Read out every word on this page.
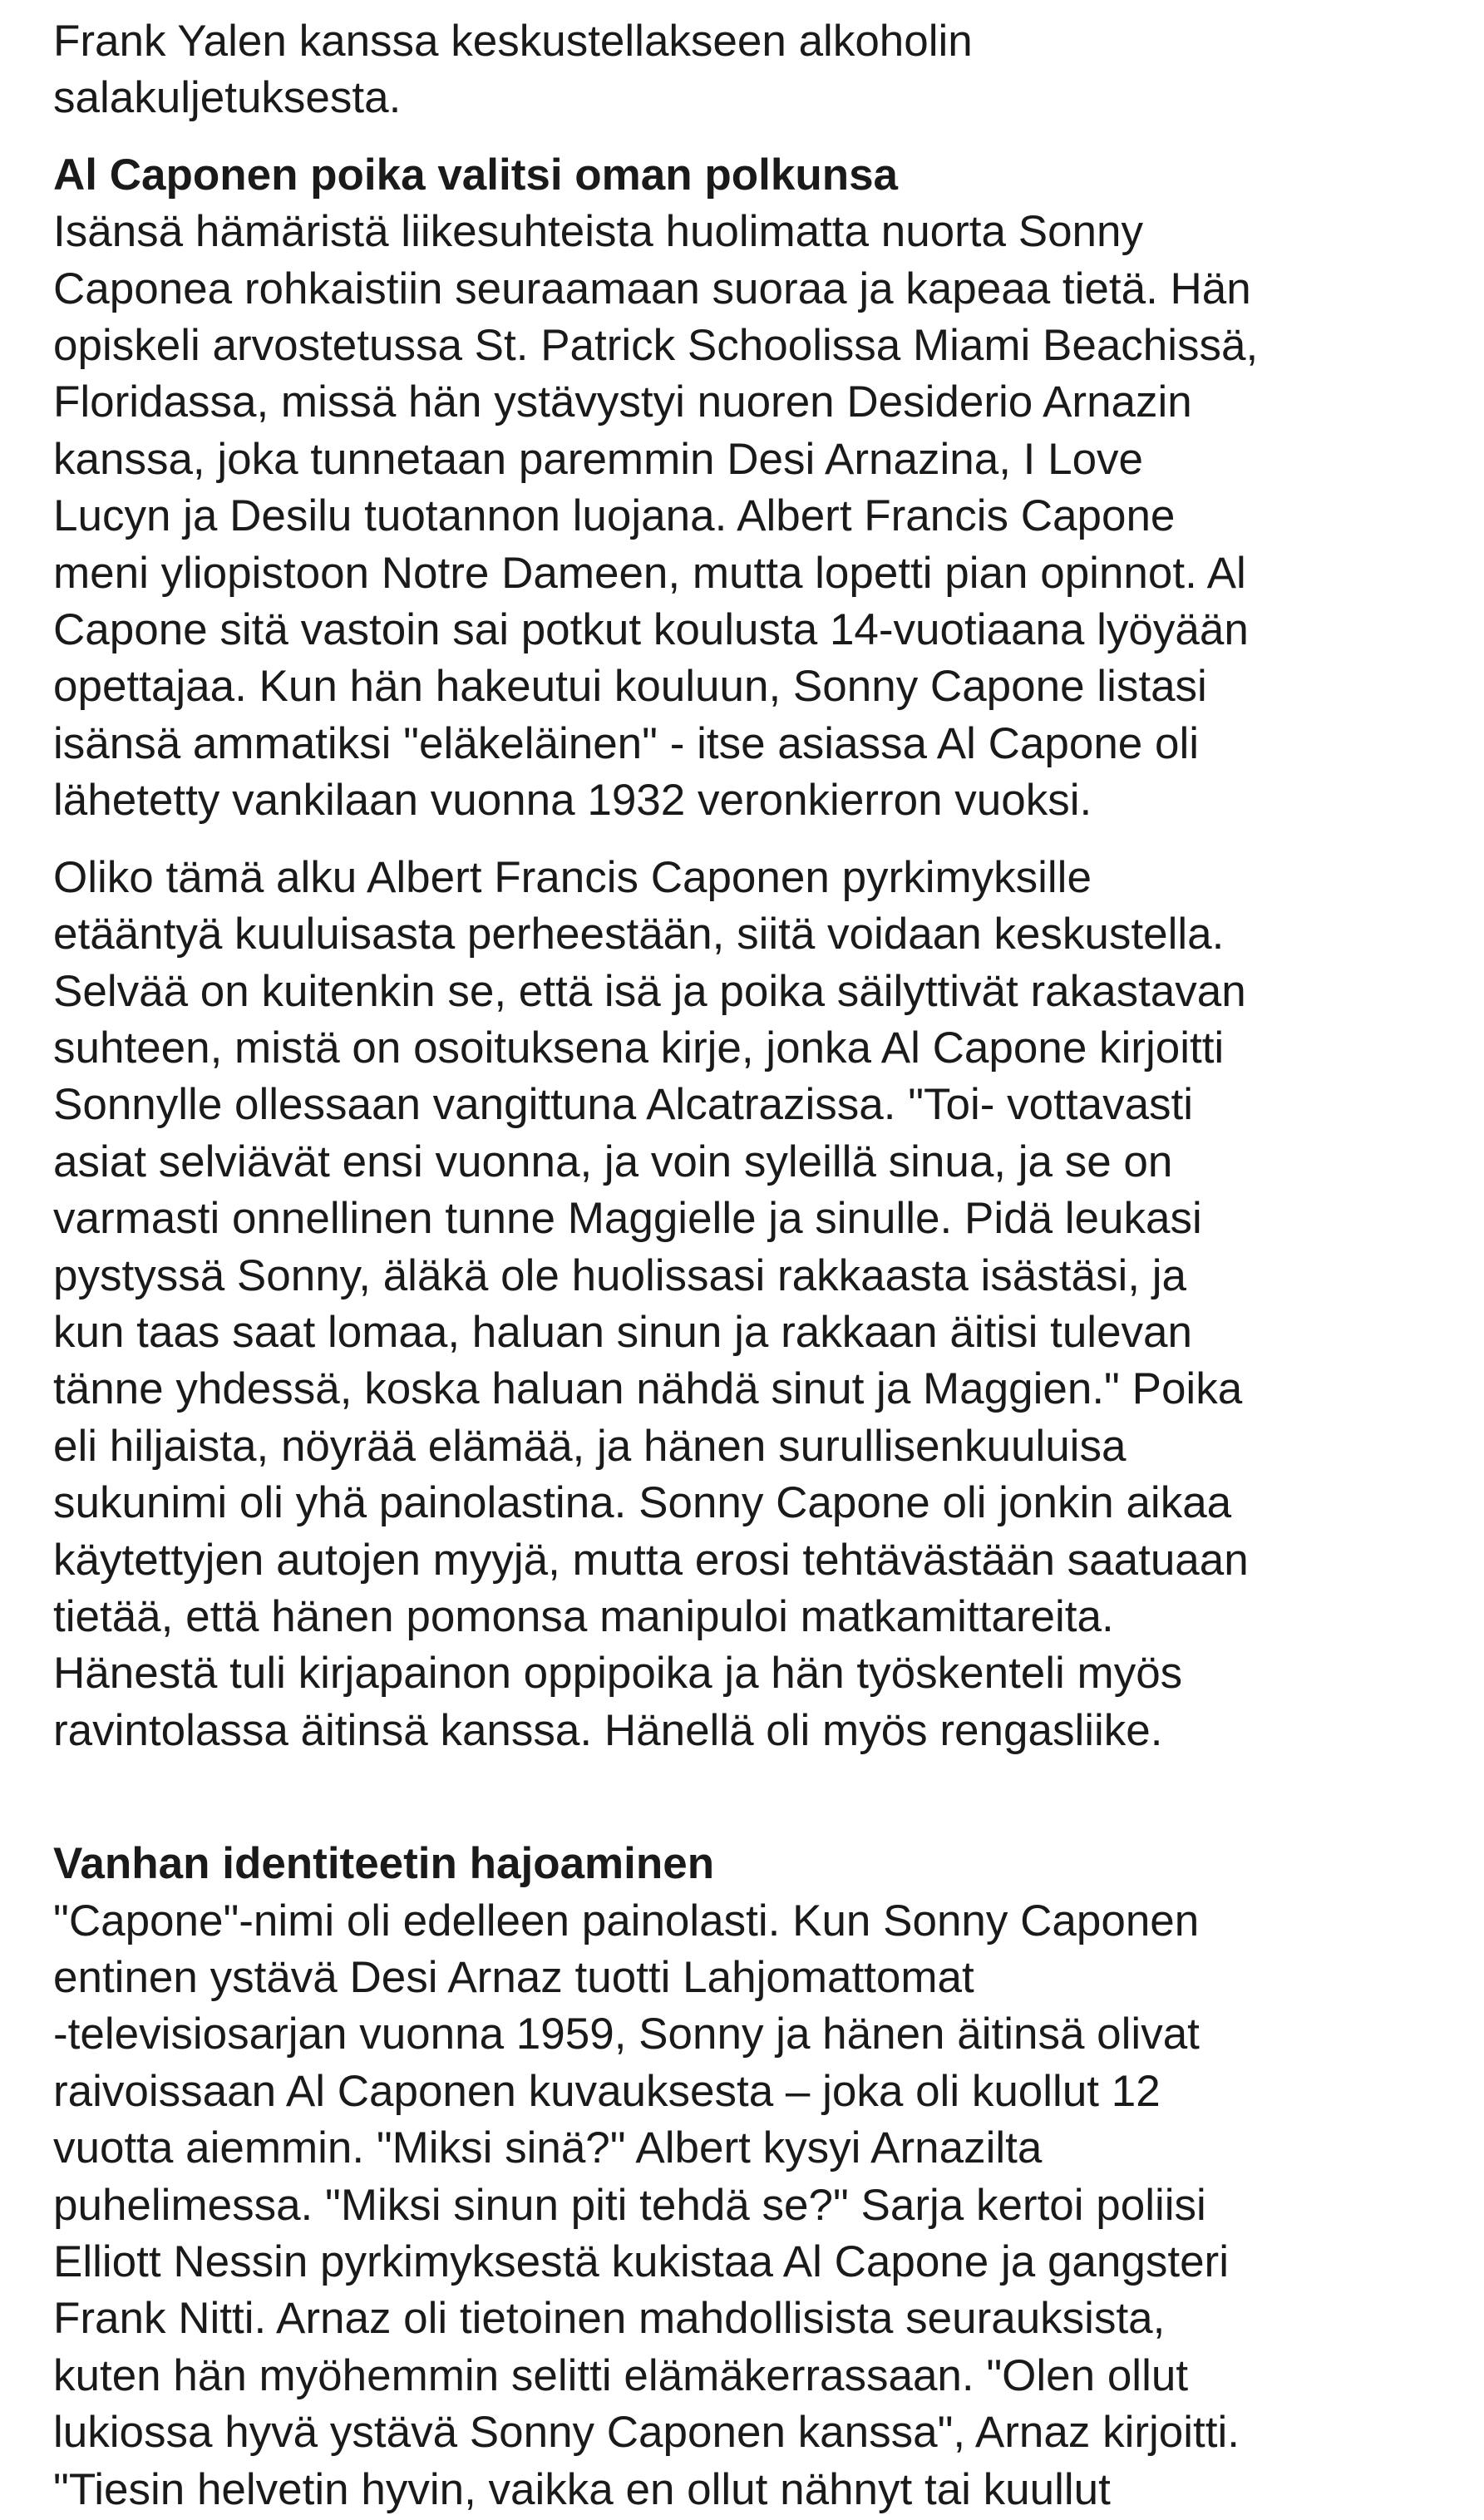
Frank Yalen kanssa keskustellakseen alkoholin
salakuljetuksesta.

Al Caponen poika valitsi oman polkunsa

Isänsä hämäristä liikesuhteista huolimatta nuorta Sonny
Caponea rohkaistiin seuraamaan suoraa ja kapeaa tietä. Hän
opiskeli arvostetussa St. Patrick Schoolissa Miami Beachissä,
Floridassa, missä hän ystävystyi nuoren Desiderio Arnazin
kanssa, joka tunnetaan paremmin Desi Arnazina, I Love
Lucyn ja Desilu tuotannon luojana. Albert Francis Capone
meni yliopistoon Notre Dameen, mutta lopetti pian opinnot. Al
Capone sitä vastoin sai potkut koulusta 14-vuotiaana lyöyään
opettajaa. Kun hän hakeutui kouluun, Sonny Capone listasi
isänsä ammatiksi "eläkeläinen" - itse asiassa Al Capone oli
lähetetty vankilaan vuonna 1932 veronkierron vuoksi.

Oliko tämä alku Albert Francis Caponen pyrkimyksille
etääntyä kuuluisasta perheestään, siitä voidaan keskustella.
Selvää on kuitenkin se, että isä ja poika säilyttivät rakastavan
suhteen, mistä on osoituksena kirje, jonka Al Capone kirjoitti
Sonnylle ollessaan vangittuna Alcatrazissa. "Toi- vottavasti
asiat selviävät ensi vuonna, ja voin syleillä sinua, ja se on
varmasti onnellinen tunne Maggielle ja sinulle. Pidä leukasi
pystyssä Sonny, äläkä ole huolissasi rakkaasta isästäsi, ja
kun taas saat lomaa, haluan sinun ja rakkaan äitisi tulevan
tänne yhdessä, koska haluan nähdä sinut ja Maggien." Poika
eli hiljaista, nöyrää elämää, ja hänen surullisenkuuluisa
sukunimi oli yhä painolastina. Sonny Capone oli jonkin aikaa
käytettyjen autojen myyjä, mutta erosi tehtävästään saatuaan
tietää, että hänen pomonsa manipuloi matkamittareita.
Hänestä tuli kirjapainon oppipoika ja hän työskenteli myös
ravintolassa äitinsä kanssa. Hänellä oli myös rengasliike.

Vanhan identiteetin hajoaminen

"Capone"-nimi oli edelleen painolasti. Kun Sonny Caponen
entinen ystävä Desi Arnaz tuotti Lahjomattomat
-televisiosarjan vuonna 1959, Sonny ja hänen äitinsä olivat
raivoissaan Al Caponen kuvauksesta – joka oli kuollut 12
vuotta aiemmin. "Miksi sinä?" Albert kysyi Arnazilta
puhelimessa. "Miksi sinun piti tehdä se?" Sarja kertoi poliisi
Elliott Nessin pyrkimyksestä kukistaa Al Capone ja gangsteri
Frank Nitti. Arnaz oli tietoinen mahdollisista seurauksista,
kuten hän myöhemmin selitti elämäkerrassaan. "Olen ollut
lukiossa hyvä ystävä Sonny Caponen kanssa", Arnaz kirjoitti.
"Tiesin helvetin hyvin, vaikka en ollut nähnyt tai kuullut
